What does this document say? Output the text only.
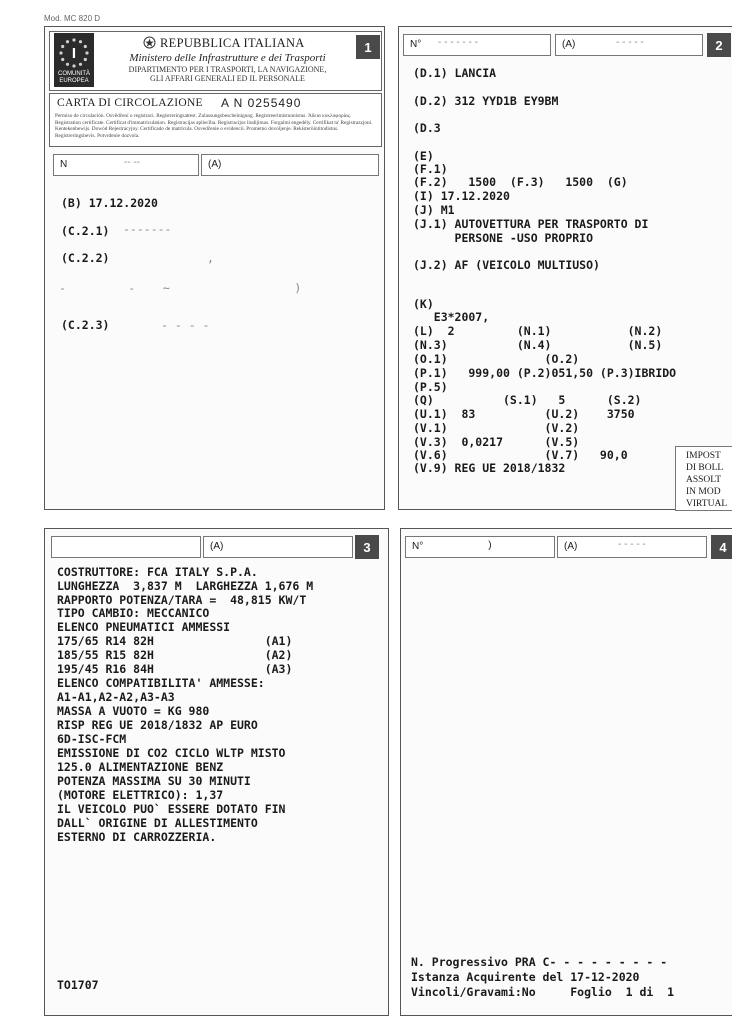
Mod. MC 820 D
I
COMUNITÀ
EUROPEA
REPUBBLICA ITALIANA
Ministero delle Infrastrutture e dei Trasporti
DIPARTIMENTO PER I TRASPORTI, LA NAVIGAZIONE,
GLI AFFARI GENERALI ED IL PERSONALE
1
CARTA DI CIRCOLAZIONE A N 0255490
Permiso de circulación. Osvědčení o registraci. Registreringsattest. Zulassungsbescheinigung. Registreerimistunnistus. Άδεια κυκλοφορίας. Registration certificate. Certificat d'immatriculation. Registracijas apliecība. Registracijos liudijimas. Forgalmi engedély. Certifikat ta' Registrazzjoni. Kentekenbewijs. Dowód Rejestracyjny. Certificado de matrícula. Osvedčenie o evidencii. Prometno dovoljenje. Rekisteröintitodistus. Registreringsbevis. Potvrdenie dozvola.
N	-- --	(A)
(B) 17.12.2020
(C.2.1) -------
(C.2.2)	,
-         -    ~                  )
(C.2.3)	- - - -
N° - - - - - - -	(A)	- - - - -	2
(D.1) LANCIA
(D.2) 312 YYD1B EY9BM
(D.3
(E)
(F.1)
(F.2)   1500  (F.3)   1500  (G)
(I) 17.12.2020
(J) M1
(J.1) AUTOVETTURA PER TRASPORTO DI
PERSONE -USO PROPRIO
(J.2) AF (VEICOLO MULTIUSO)
(K)
E3*2007,
(L)  2         (N.1)           (N.2)
(N.3)          (N.4)           (N.5)
(O.1)              (O.2)
(P.1)   999,00 (P.2)051,50 (P.3)IBRIDO
(P.5)
(Q)          (S.1)   5      (S.2)
(U.1)  83          (U.2)    3750
(V.1)              (V.2)
(V.3)  0,0217      (V.5)
(V.6)              (V.7)   90,0
(V.9) REG UE 2018/1832
IMPOST
DI BOLL
ASSOLT
IN MOD
VIRTUAL
(A)	3
COSTRUTTORE: FCA ITALY S.P.A.
LUNGHEZZA  3,837 M  LARGHEZZA 1,676 M
RAPPORTO POTENZA/TARA =  48,815 KW/T
TIPO CAMBIO: MECCANICO
ELENCO PNEUMATICI AMMESSI
175/65 R14 82H                (A1)
185/55 R15 82H                (A2)
195/45 R16 84H                (A3)
ELENCO COMPATIBILITA' AMMESSE:
A1-A1,A2-A2,A3-A3
MASSA A VUOTO = KG 980
RISP REG UE 2018/1832 AP EURO
6D-ISC-FCM
EMISSIONE DI CO2 CICLO WLTP MISTO
125.0 ALIMENTAZIONE BENZ
POTENZA MASSIMA SU 30 MINUTI
(MOTORE ELETTRICO): 1,37
IL VEICOLO PUO` ESSERE DOTATO FIN
DALL` ORIGINE DI ALLESTIMENTO
ESTERNO DI CARROZZERIA.
TO1707
N°	)	(A)	- - - - -	4
N. Progressivo PRA C- - - - - - - - -
Istanza Acquirente del 17-12-2020
Vincoli/Gravami:No     Foglio  1 di  1
